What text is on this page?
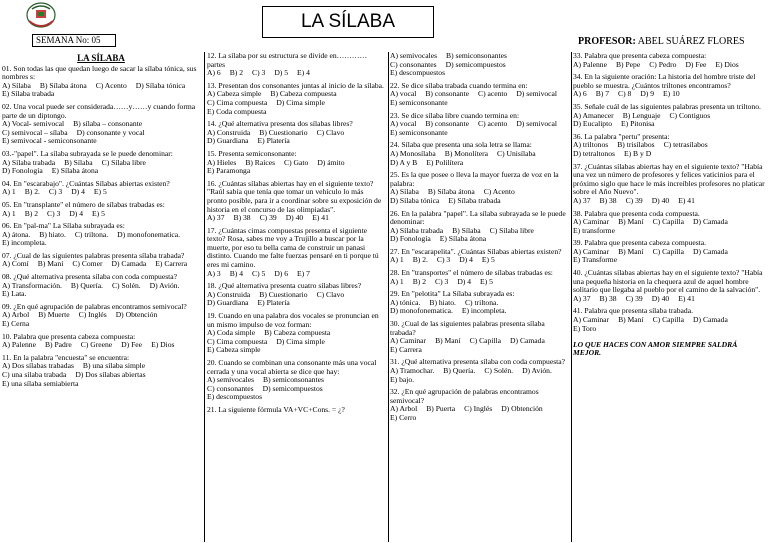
LA SÍLABA
SEMANA No: 05	PROFESOR: ABEL SUÁREZ FLORES
LA SÍLABA

01. Son todas las que quedan luego de sacar la sílaba tónica, sus nombres s:

A) Sílaba B) Sílaba átona C) Acento D) Sílaba tónica
E) Sílaba trabada

02. Una vocal puede ser considerada……y……y cuando forma parte de un diptongo.

A) Vocal- semivocal B) sílaba – consonante
C) semivocal – sílaba D) consonante y vocal
E) semivocal - semiconsonante

03.-"papel". La sílaba subrayada se le puede denominar:

A) Sílaba trabada B) Sílaba C) Sílaba libre
D) Fonología E) Sílaba átona

04. En "escarabajo". ¿Cuántas Sílabas abiertas existen?

A) 1 B) 2. C) 3 D) 4 E) 5

05. En "transplante" el número de sílabas trabadas es:

A) 1 B) 2 C) 3 D) 4 E) 5

06. En "pal-ma" La Sílaba subrayada es:

A) átona. B) hiato. C) triltona. D) monofonematica.
E) incompleta.

07. ¿Cual de las siguientes palabras presenta sílaba trabada?

A) Comí B) Maní C) Comer D) Camada E) Carrera

08. ¿Qué alternativa presenta sílaba con coda compuesta?

A) Transformación. B) Quería. C) Solén. D) Avión.
E) Lata.

09. ¿En qué agrupación de palabras encontramos semivocal?

A) Arbol B) Muerte C) Inglés D) Obtención
E) Cerna

10. Palabra que presenta cabeza compuesta:

A) Palenne B) Padre C) Greene D) Fee E) Dios

11. En la palabra "encuesta" se encuentra:

A) Dos sílabas trabadas B) una sílaba simple
C) una sílaba trabada D) Dos sílabas abiertas
E) una sílaba semiabierta

12. La sílaba por su estructura se divide en………… partes

A) 6 B) 2 C) 3 D) 5 E) 4

13. Presentan dos consonantes juntas al inicio de la sílaba.

A) Cabeza simple B) Cabeza compuesta
C) Cima compuesta D) Cima simple
E) Coda compuesta

14. ¿Qué alternativa presenta dos sílabas libres?

A) Construida B) Cuestionario C) Clavo
D) Guardiana E) Platería

15. Presenta semiconsonante:

A) Hieles B) Raíces C) Gato D) ámito
E) Paramonga

16. ¿Cuántas sílabas abiertas hay en el siguiente texto? "Raúl sabía que tenía que tomar un vehículo lo más pronto posible, para ir a coordinar sobre su exposición de historia en el concurso de las olimpiadas".

A) 37 B) 38 C) 39 D) 40 E) 41

17. ¿Cuántas cimas compuestas presenta el siguiente texto? Rosa, sabes me voy a Trujillo a buscar por la muerte, por eso tu bella cama de construir un panasi distinto. Cuando me falte fuerzas pensaré en ti porque tú eres mi camino.

A) 3 B) 4 C) 5 D) 6 E) 7

18. ¿Qué alternativa presenta cuatro sílabas libres?

A) Construida B) Cuestionario C) Clavo
D) Guardiana E) Platería

19. Cuando en una palabra dos vocales se pronuncian en un mismo impulso de voz forman:

A) Coda simple B) Cabeza compuesta
C) Cima compuesta D) Cima simple
E) Cabeza simple

20. Cuando se combinan una consonante más una vocal cerrada y una vocal abierta se dice que hay:

A) semivocales B) semiconsonantes
C) consonantes D) semicompuestos
E) descompuestos

21. La siguiente fórmula VA+VC+Cons. = ¿?

A) semivocales B) semiconsonantes
C) consonantes D) semicompuestos
E) descompuestos

22. Se dice sílaba trabada cuando termina en:

A) vocal B) consonante C) acento D) semivocal
E) semiconsonante

23. Se dice sílaba libre cuando termina en:

A) vocal B) consonante C) acento D) semivocal
E) semiconsonante

24. Sílaba que presenta una sola letra se llama:

A) Monosílaba B) Monolítera C) Unisílaba
D) A y B E) Polilítera

25. Es la que posee o lleva la mayor fuerza de voz en la palabra:

A) Sílaba B) Sílaba átona C) Acento
D) Sílaba tónica E) Sílaba trabada

26. En la palabra "papel". La sílaba subrayada se le puede denominar:

A) Sílaba trabada B) Sílaba C) Sílaba libre
D) Fonología E) Sílaba átona

27. En "escarapelita". ¿Cuántas Sílabas abiertas existen?

A) 1 B) 2. C) 3 D) 4 E) 5

28. En "transportes" el número de sílabas trabadas es:

A) 1 B) 2 C) 3 D) 4 E) 5

29. En "pelotita" La Sílaba subrayada es:

A) tónica. B) hiato. C) triltona.
D) monofonematica. E) incompleta.

30. ¿Cual de las siguientes palabras presenta sílaba trabada?

A) Caminar B) Maní C) Capilla D) Camada
E) Carrera

31. ¿Qué alternativa presenta sílaba con coda compuesta?

A) Tramochar. B) Quería. C) Solén. D) Avión.
E) bajo.

32. ¿En qué agrupación de palabras encontramos semivocal?

A) Arbol B) Puerta C) Inglés D) Obtención
E) Cerro

33. Palabra que presenta cabeza compuesta:

A) Palenne B) Pepe C) Pedro D) Fee E) Dios

34. En la siguiente oración: La historia del hombre triste del pueblo se muestra. ¿Cuántos triltones encontramos?

A) 6 B) 7 C) 8 D) 9 E) 10

35. Señale cuál de las siguientes palabras presenta un triltono.

A) Amanecer B) Lenguaje C) Contiguos
D) Eucalipto E) Pitonisa

36. La palabra "pertu" presenta:

A) triltonos B) trisílabos C) tetrasílabos
D) tetraltonos E) B y D

37. ¿Cuántas sílabas abiertas hay en el siguiente texto? "Había una vez un número de profesores y felices vaticinios para el próximo siglo que hace le más increíbles profesores no platicar sobre el Año Nuevo".

A) 37 B) 38 C) 39 D) 40 E) 41

38. Palabra que presenta coda compuesta.

A) Caminar B) Maní C) Capilla D) Camada
E) transforme

39. Palabra que presenta cabeza compuesta.

A) Caminar B) Maní C) Capilla D) Camada
E) Transforme

40. ¿Cuántas sílabas abiertas hay en el siguiente texto? "Había una pequeña historia en la chequera azul de aquel hombre solitario que llegaba al pueblo por el camino de la salvación".

A) 37 B) 38 C) 39 D) 40 E) 41

41. Palabra que presenta sílaba trabada.

A) Caminar B) Maní C) Capilla D) Camada
E) Toro

LO QUE HACES CON AMOR SIEMPRE SALDRÁ MEJOR.
